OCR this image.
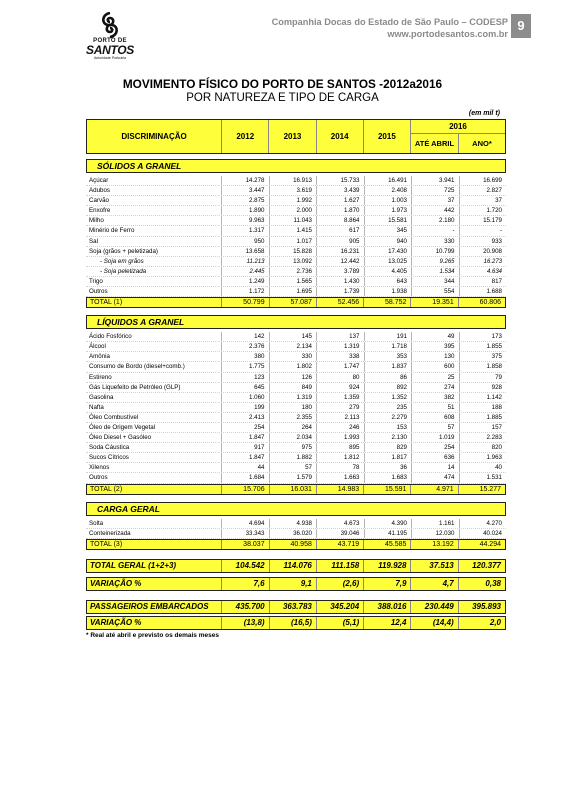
PORTO DE
SANTOS
Autoridade Portuária
Companhia Docas do Estado de São Paulo – CODESP
www.portodesantos.com.br
9
MOVIMENTO FÍSICO DO PORTO DE SANTOS -2012a2016
POR NATUREZA E TIPO DE CARGA
(em mil t)
DISCRIMINAÇÃO	2012	2013	2014	2015
2016
ATÉ ABRIL	ANO*
SÓLIDOS A GRANEL
Açúcar	14.278	16.913	15.733	16.491	3.941	16.699
Adubos	3.447	3.619	3.439	2.408	725	2.827
Carvão	2.875	1.992	1.627	1.003	37	37
Enxofre	1.890	2.000	1.870	1.973	442	1.720
Milho	9.963	11.043	8.864	15.581	2.180	15.179
Minério de Ferro	1.317	1.415	617	345	-	-
Sal	950	1.017	905	940	330	933
Soja (grãos + peletizada)	13.658	15.828	16.231	17.430	10.799	20.908
- Soja em grãos	11.213	13.092	12.442	13.025	9.265	16.273
- Soja peletizada	2.445	2.736	3.789	4.405	1.534	4.634
Trigo	1.249	1.565	1.430	643	344	817
Outros	1.172	1.695	1.739	1.938	554	1.688
TOTAL (1)	50.799	57.087	52.456	58.752	19.351	60.806
LÍQUIDOS A GRANEL
Ácido Fosfórico	142	145	137	191	49	173
Álcool	2.376	2.134	1.319	1.718	395	1.855
Amônia	380	330	338	353	130	375
Consumo de Bordo (diesel+comb.)	1.775	1.802	1.747	1.837	600	1.858
Estireno	123	126	80	86	25	79
Gás Liquefeito de Petróleo (GLP)	645	849	924	892	274	928
Gasolina	1.060	1.319	1.359	1.352	382	1.142
Nafta	199	180	279	235	51	188
Óleo Combustível	2.413	2.355	2.113	2.279	608	1.885
Óleo de Origem Vegetal	254	264	246	153	57	157
Óleo Diesel + Gasóleo	1.847	2.034	1.993	2.130	1.019	2.283
Soda Cáustica	917	975	895	829	254	820
Sucos Cítricos	1.847	1.882	1.812	1.817	636	1.963
Xilenos	44	57	78	36	14	40
Outros	1.684	1.579	1.663	1.683	474	1.531
TOTAL (2)	15.706	16.031	14.983	15.591	4.971	15.277
CARGA GERAL
Solta	4.694	4.938	4.673	4.390	1.161	4.270
Conteinerizada	33.343	36.020	39.046	41.195	12.030	40.024
TOTAL (3)	38.037	40.958	43.719	45.585	13.192	44.294
TOTAL GERAL (1+2+3)	104.542	114.076	111.158	119.928	37.513	120.377
VARIAÇÃO %	7,6	9,1	(2,6)	7,9	4,7	0,38
PASSAGEIROS EMBARCADOS	435.700	363.783	345.204	388.016	230.449	395.893
VARIAÇÃO %	(13,8)	(16,5)	(5,1)	12,4	(14,4)	2,0
* Real até abril e previsto os demais meses
